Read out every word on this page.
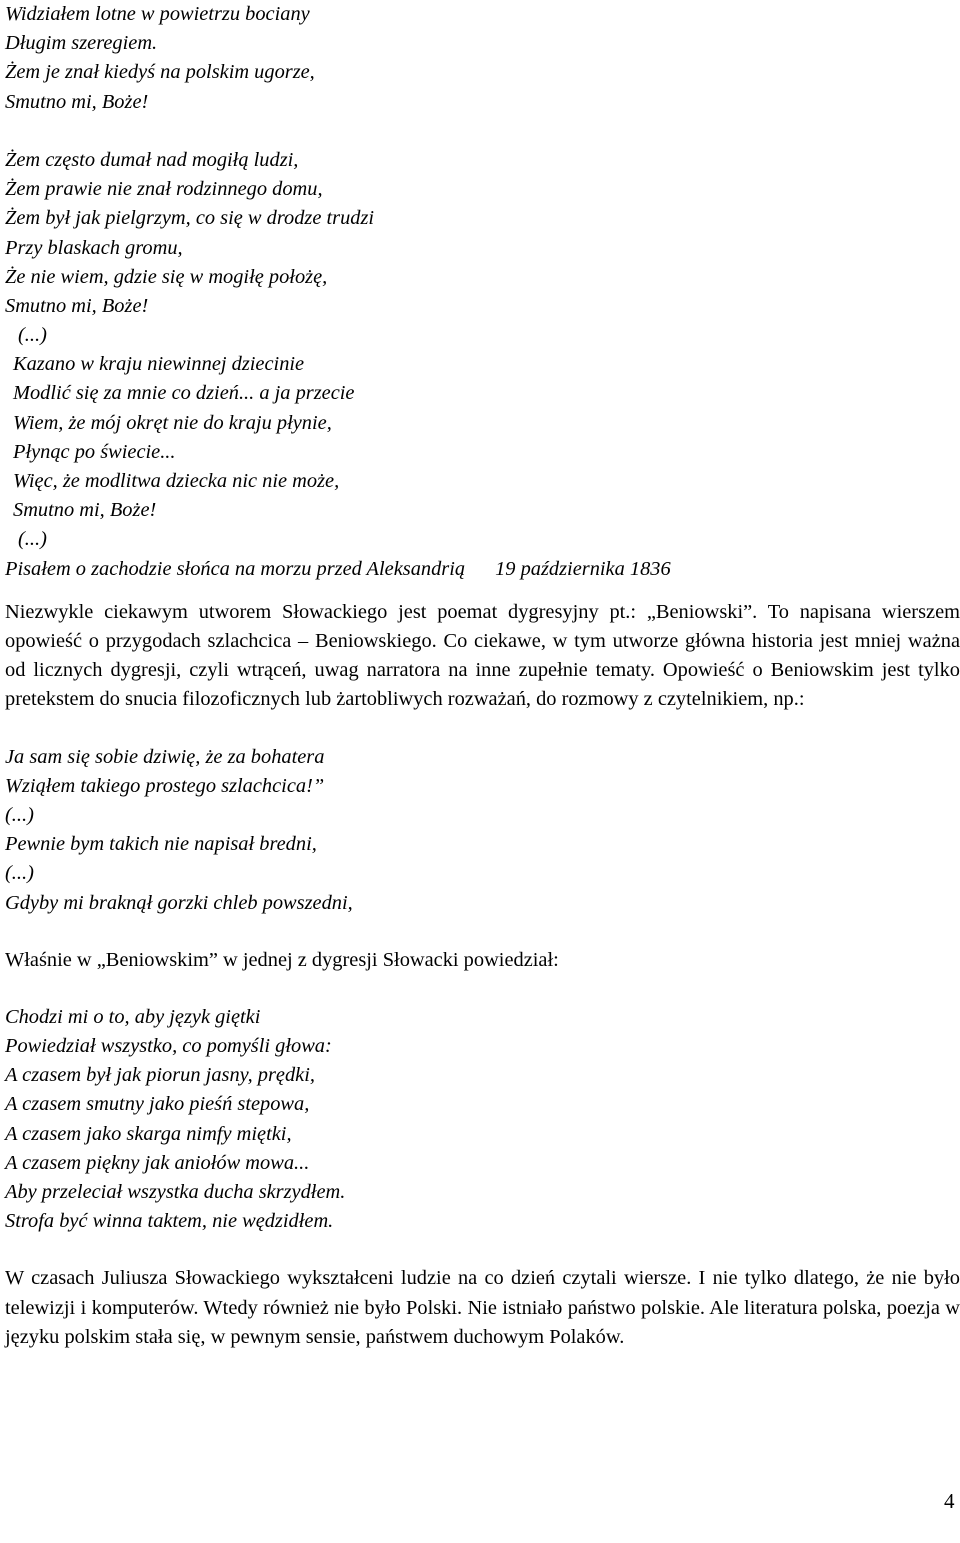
Widziałem lotne w powietrzu bociany
Długim szeregiem.
Żem je znał kiedyś na polskim ugorze,
Smutno mi, Boże!
Żem często dumał nad mogiłą ludzi,
Żem prawie nie znał rodzinnego domu,
Żem był jak pielgrzym, co się w drodze trudzi
Przy blaskach gromu,
Że nie wiem, gdzie się w mogiłę położę,
Smutno mi, Boże!
(...)
Kazano w kraju niewinnej dziecinie
Modlić się za mnie co dzień... a ja przecie
Wiem, że mój okręt nie do kraju płynie,
Płynąc po świecie...
Więc, że modlitwa dziecka nic nie może,
Smutno mi, Boże!
(...)
Pisałem o zachodzie słońca na morzu przed Aleksandrią 19 października 1836

Niezwykle ciekawym utworem Słowackiego jest poemat dygresyjny pt.: „Beniowski”. To napisana wierszem opowieść o przygodach szlachcica – Beniowskiego. Co ciekawe, w tym utworze główna historia jest mniej ważna od licznych dygresji, czyli wtrąceń, uwag narratora na inne zupełnie tematy. Opowieść o Beniowskim jest tylko pretekstem do snucia filozoficznych lub żartobliwych rozważań, do rozmowy z czytelnikiem, np.:

Ja sam się sobie dziwię, że za bohatera
Wziąłem takiego prostego szlachcica!”
(...)
Pewnie bym takich nie napisał bredni,
(...)
Gdyby mi braknął gorzki chleb powszedni,

Właśnie w „Beniowskim” w jednej z dygresji Słowacki powiedział:

Chodzi mi o to, aby język giętki
Powiedział wszystko, co pomyśli głowa:
A czasem był jak piorun jasny, prędki,
A czasem smutny jako pieśń stepowa,
A czasem jako skarga nimfy miętki,
A czasem piękny jak aniołów mowa...
Aby przeleciał wszystka ducha skrzydłem.
Strofa być winna taktem, nie wędzidłem.

W czasach Juliusza Słowackiego wykształceni ludzie na co dzień czytali wiersze. I nie tylko dlatego, że nie było telewizji i komputerów. Wtedy również nie było Polski. Nie istniało państwo polskie. Ale literatura polska, poezja w języku polskim stała się, w pewnym sensie, państwem duchowym Polaków.

4
